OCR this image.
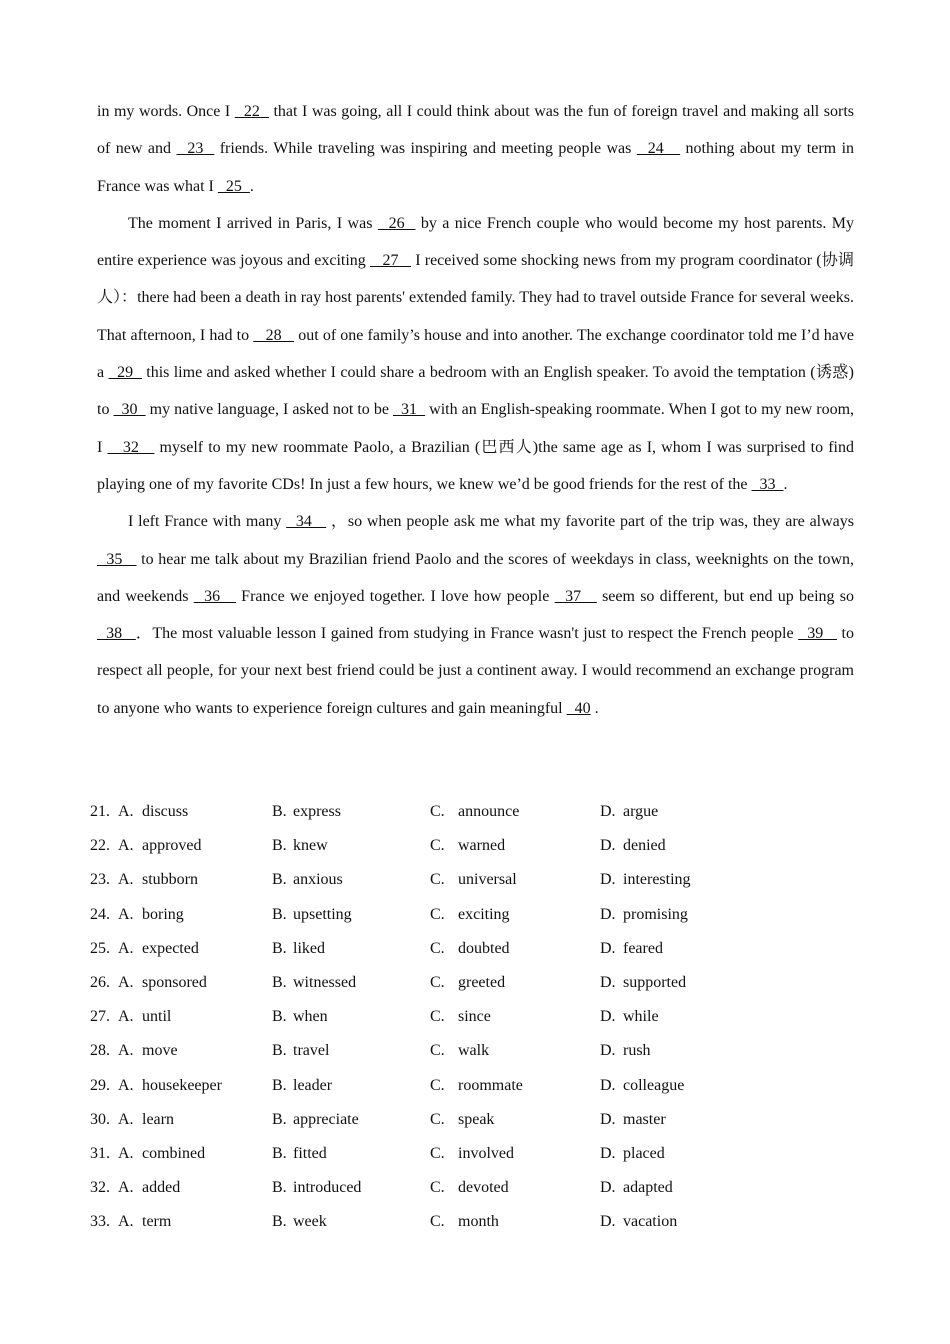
in my words. Once I   22   that I was going, all I could think about was the fun of foreign travel and making all sorts of new and   23   friends. While traveling was inspiring and meeting people was   24    nothing about my term in France was what I   25  .

The moment I arrived in Paris, I was   26   by a nice French couple who would become my host parents. My entire experience was joyous and exciting    27    I received some shocking news from my program coordinator (协调 人）：there had been a death in ray host parents' extended family. They had to travel outside France for several weeks. That afternoon, I had to    28    out of one family’s house and into another. The exchange coordinator told me I’d have a   29   this lime and asked whether I could share a bedroom with an English speaker. To avoid the temptation (诱惑) to   30   my native language, I asked not to be   31   with an English-speaking roommate. When I got to my new room, I    32    myself to my new roommate Paolo, a Brazilian (巴西人)the same age as I, whom I was surprised to find playing one of my favorite CDs! In just a few hours, we knew we’d be good friends for the rest of the   33  .

I left France with many   34    ，so when people ask me what my favorite part of the trip was, they are always   35    to hear me talk about my Brazilian friend Paolo and the scores of weekdays in class, weeknights on the town, and weekends   36    France we enjoyed together. I love how people   37    seem so different, but end up being so   38   ．The most valuable lesson I gained from studying in France wasn't just to respect the French people   39    to respect all people, for your next best friend could be just a continent away. I would recommend an exchange program to anyone who wants to experience foreign cultures and gain meaningful   40 .

21. A. discuss	B. express	C. announce	D. argue
22. A. approved	B. knew	C. warned	D. denied
23. A. stubborn	B. anxious	C. universal	D. interesting
24. A. boring	B. upsetting	C. exciting	D. promising
25. A. expected	B. liked	C. doubted	D. feared
26. A. sponsored	B. witnessed	C. greeted	D. supported
27. A. until	B. when	C. since	D. while
28. A. move	B. travel	C. walk	D. rush
29. A. housekeeper	B. leader	C. roommate	D. colleague
30. A. learn	B. appreciate	C. speak	D. master
31. A. combined	B. fitted	C. involved	D. placed
32. A. added	B. introduced	C. devoted	D. adapted
33. A. term	B. week	C. month	D. vacation
